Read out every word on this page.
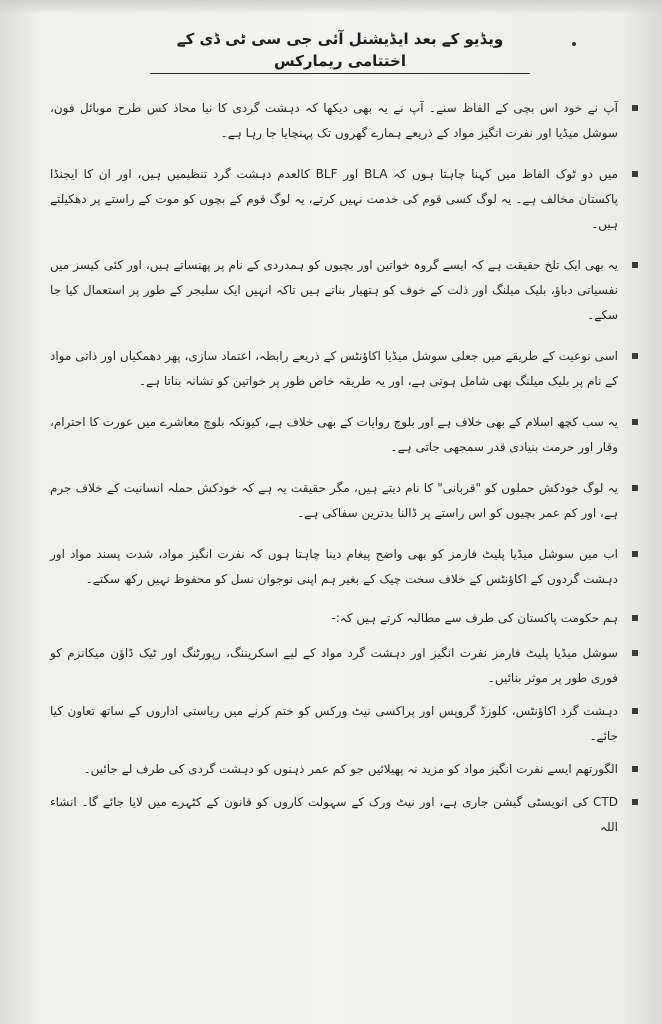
ویڈیو کے بعد ایڈیشنل آئی جی سی ٹی ڈی کے اختتامی ریمارکس
آپ نے خود اس بچی کے الفاظ سنے۔ آپ نے یہ بھی دیکھا کہ دہشت گردی کا نیا محاذ کس طرح موبائل فون، سوشل میڈیا اور نفرت انگیز مواد کے ذریعے ہمارے گھروں تک پہنچایا جا رہا ہے۔
میں دو ٹوک الفاظ میں کہنا چاہتا ہوں کہ BLA اور BLF کالعدم دہشت گرد تنظیمیں ہیں، اور ان کا ایجنڈا پاکستان مخالف ہے۔ یہ لوگ کسی قوم کی خدمت نہیں کرتے، یہ لوگ قوم کے بچوں کو موت کے راستے پر دھکیلتے ہیں۔
یہ بھی ایک تلخ حقیقت ہے کہ ایسے گروہ خواتین اور بچیوں کو ہمدردی کے نام پر پھنساتے ہیں، اور کئی کیسز میں نفسیاتی دباؤ، بلیک میلنگ اور ذلت کے خوف کو ہتھیار بناتے ہیں تاکہ انہیں ایک سلیجر کے طور پر استعمال کیا جا سکے۔
اسی نوعیت کے طریقے میں جعلی سوشل میڈیا اکاؤنٹس کے ذریعے رابطہ، اعتماد سازی، پھر دھمکیاں اور ذاتی مواد کے نام پر بلیک میلنگ بھی شامل ہوتی ہے، اور یہ طریقہ خاص طور پر خواتین کو نشانہ بناتا ہے۔
یہ سب کچھ اسلام کے بھی خلاف ہے اور بلوچ روایات کے بھی خلاف ہے، کیونکہ بلوچ معاشرے میں عورت کا احترام، وقار اور حرمت بنیادی قدر سمجھی جاتی ہے۔
یہ لوگ خودکش حملوں کو "قربانی" کا نام دیتے ہیں، مگر حقیقت یہ ہے کہ خودکش حملہ انسانیت کے خلاف جرم ہے، اور کم عمر بچیوں کو اس راستے پر ڈالنا بدترین سفاکی ہے۔
اب میں سوشل میڈیا پلیٹ فارمز کو بھی واضح پیغام دینا چاہتا ہوں کہ نفرت انگیز مواد، شدت پسند مواد اور دہشت گردوں کے اکاؤنٹس کے خلاف سخت چیک کے بغیر ہم اپنی نوجوان نسل کو محفوظ نہیں رکھ سکتے۔
ہم حکومت پاکستان کی طرف سے مطالبہ کرتے ہیں کہ:-
سوشل میڈیا پلیٹ فارمز نفرت انگیز اور دہشت گرد مواد کے لیے اسکریننگ، رپورٹنگ اور ٹیک ڈاؤن میکانزم کو فوری طور پر موثر بنائیں۔
دہشت گرد اکاؤنٹس، کلوزڈ گروپس اور پراکسی نیٹ ورکس کو ختم کرنے میں ریاستی اداروں کے ساتھ تعاون کیا جائے۔
الگورتھم ایسے نفرت انگیز مواد کو مزید نہ پھیلائیں جو کم عمر ذہنوں کو دہشت گردی کی طرف لے جائیں۔
CTD کی انویسٹی گیشن جاری ہے، اور نیٹ ورک کے سہولت کاروں کو قانون کے کٹہرے میں لایا جائے گا۔ انشاء اللہ
